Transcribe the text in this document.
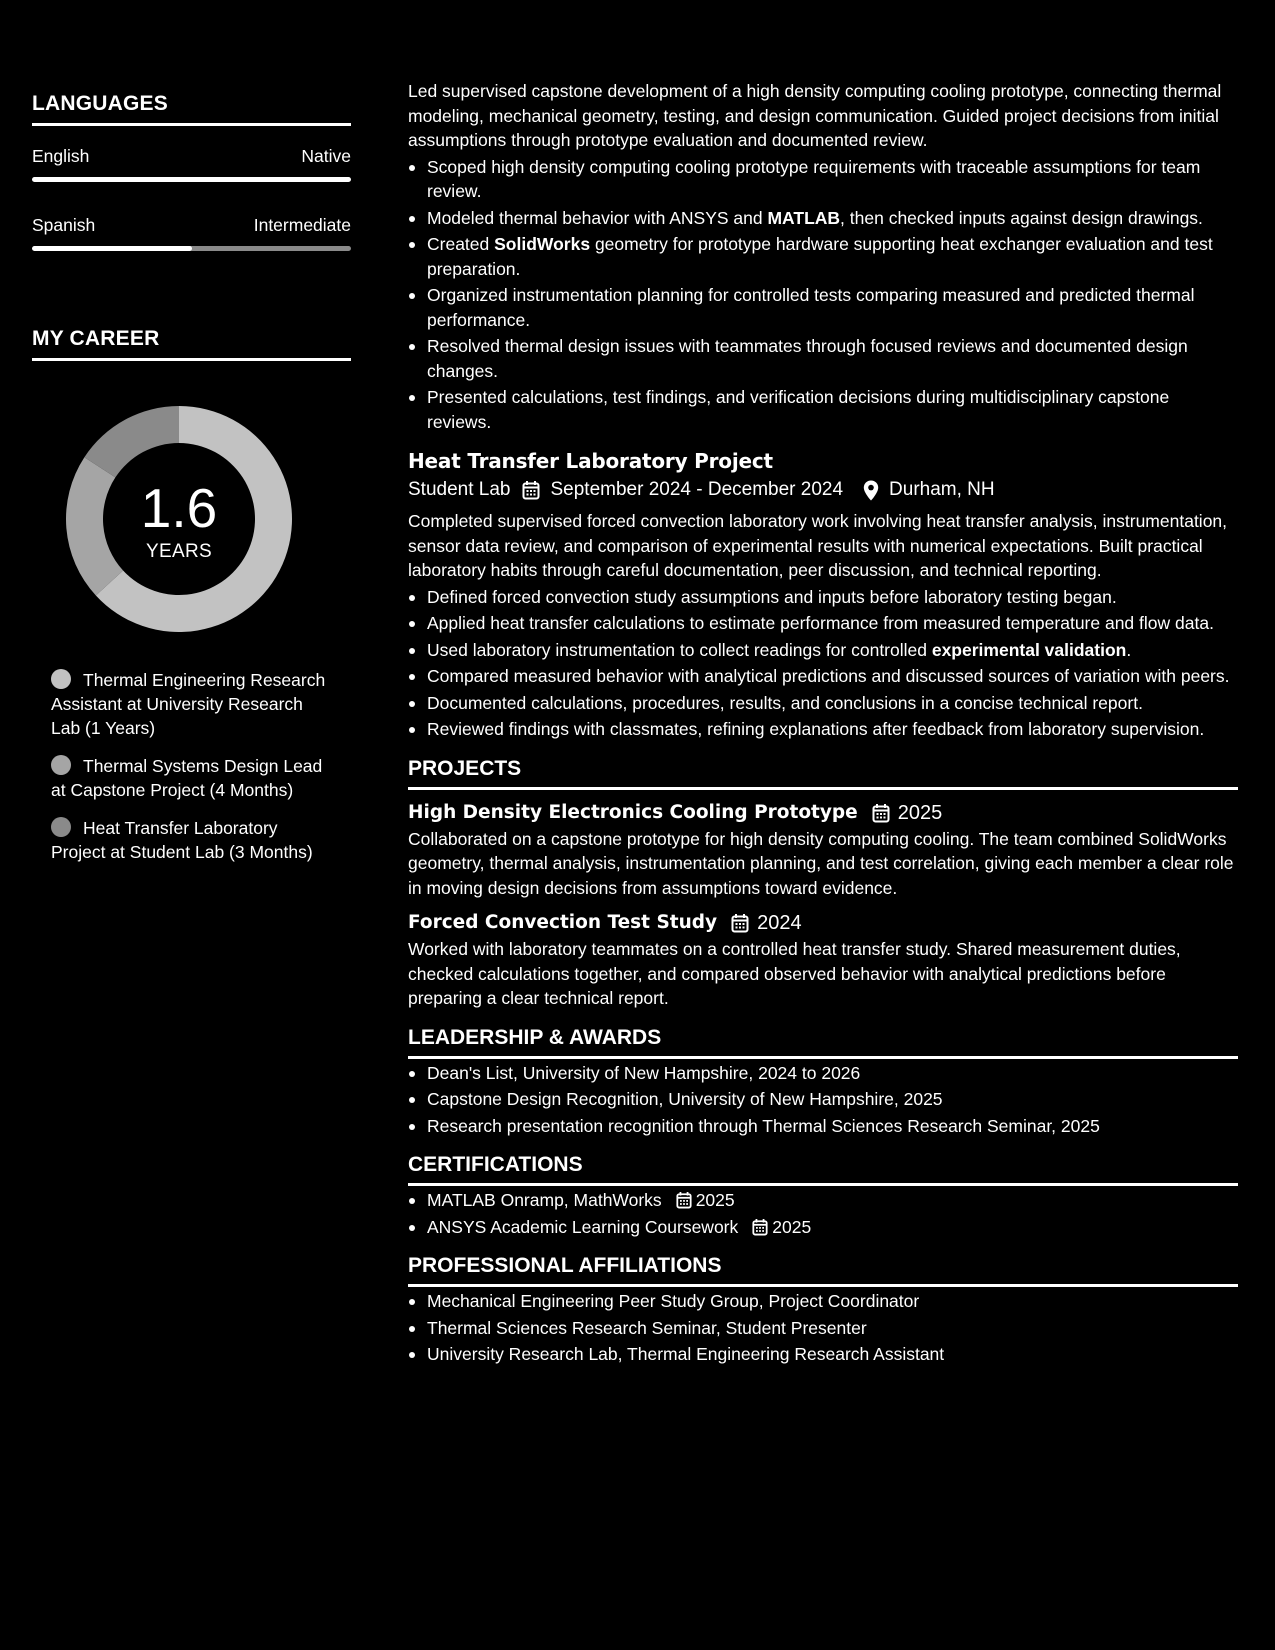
LANGUAGES
English	Native
Spanish	Intermediate
MY CAREER
1.6
YEARS
Thermal Engineering Research Assistant at University Research Lab (1 Years)
Thermal Systems Design Lead at Capstone Project (4 Months)
Heat Transfer Laboratory Project at Student Lab (3 Months)

Led supervised capstone development of a high density computing cooling prototype, connecting thermal modeling, mechanical geometry, testing, and design communication. Guided project decisions from initial assumptions through prototype evaluation and documented review.

Scoped high density computing cooling prototype requirements with traceable assumptions for team review.
Modeled thermal behavior with ANSYS and MATLAB, then checked inputs against design drawings.
Created SolidWorks geometry for prototype hardware supporting heat exchanger evaluation and test preparation.
Organized instrumentation planning for controlled tests comparing measured and predicted thermal performance.
Resolved thermal design issues with teammates through focused reviews and documented design changes.
Presented calculations, test findings, and verification decisions during multidisciplinary capstone reviews.
Heat Transfer Laboratory Project
Student Lab September 2024 - December 2024 Durham, NH

Completed supervised forced convection laboratory work involving heat transfer analysis, instrumentation, sensor data review, and comparison of experimental results with numerical expectations. Built practical laboratory habits through careful documentation, peer discussion, and technical reporting.

Defined forced convection study assumptions and inputs before laboratory testing began.
Applied heat transfer calculations to estimate performance from measured temperature and flow data.
Used laboratory instrumentation to collect readings for controlled experimental validation.
Compared measured behavior with analytical predictions and discussed sources of variation with peers.
Documented calculations, procedures, results, and conclusions in a concise technical report.
Reviewed findings with classmates, refining explanations after feedback from laboratory supervision.
PROJECTS
High Density Electronics Cooling Prototype 2025

Collaborated on a capstone prototype for high density computing cooling. The team combined SolidWorks geometry, thermal analysis, instrumentation planning, and test correlation, giving each member a clear role in moving design decisions from assumptions toward evidence.

Forced Convection Test Study 2024

Worked with laboratory teammates on a controlled heat transfer study. Shared measurement duties, checked calculations together, and compared observed behavior with analytical predictions before preparing a clear technical report.

LEADERSHIP & AWARDS
Dean's List, University of New Hampshire, 2024 to 2026
Capstone Design Recognition, University of New Hampshire, 2025
Research presentation recognition through Thermal Sciences Research Seminar, 2025
CERTIFICATIONS
MATLAB Onramp, MathWorks 2025
ANSYS Academic Learning Coursework 2025
PROFESSIONAL AFFILIATIONS
Mechanical Engineering Peer Study Group, Project Coordinator
Thermal Sciences Research Seminar, Student Presenter
University Research Lab, Thermal Engineering Research Assistant
